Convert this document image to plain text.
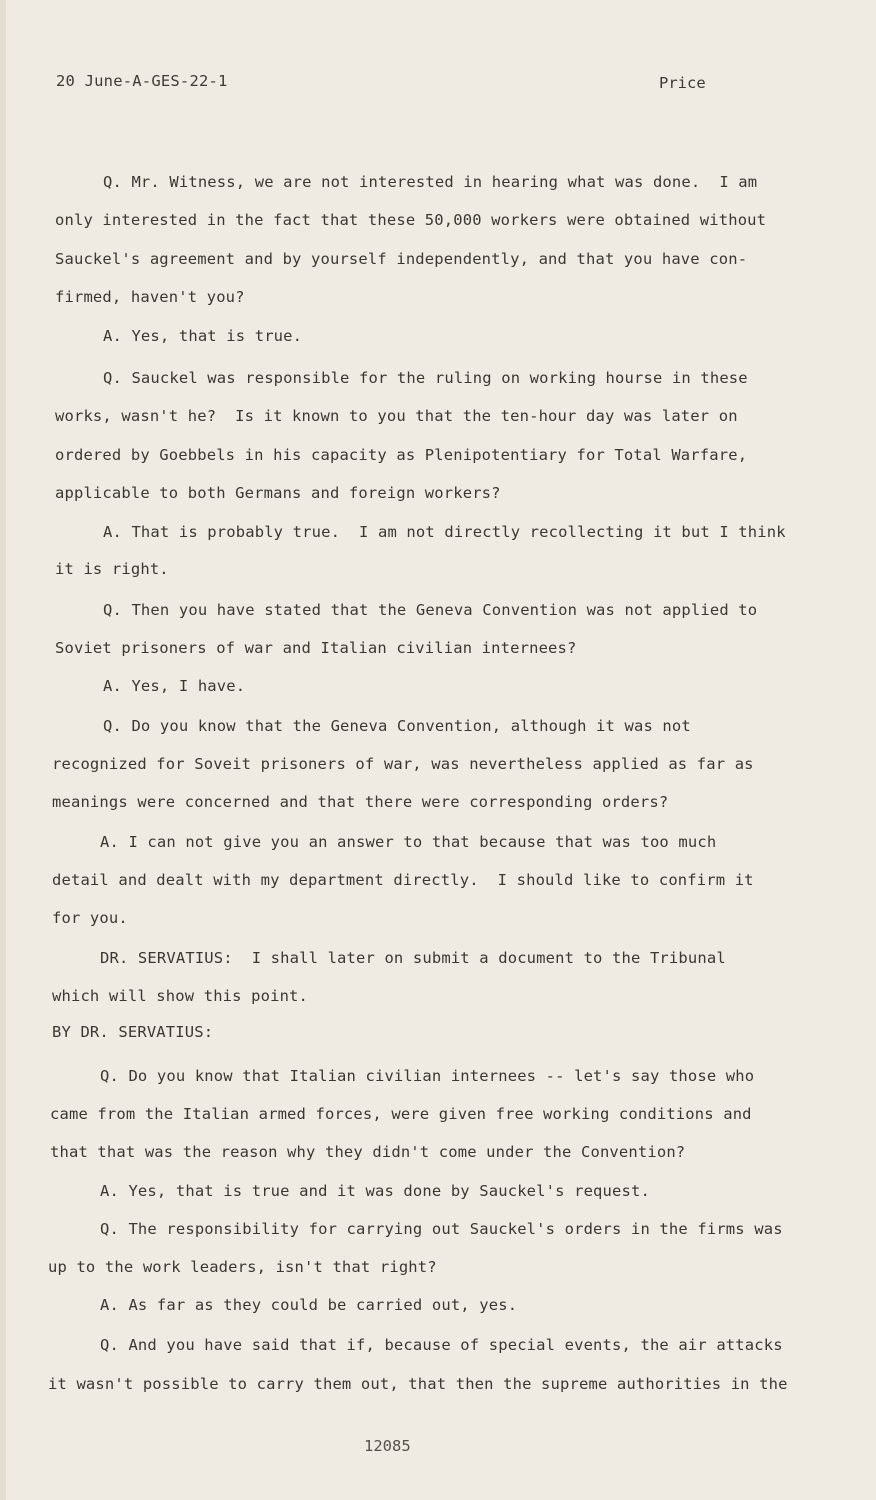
20 June-A-GES-22-1	Price
Q. Mr. Witness, we are not interested in hearing what was done.  I am
only interested in the fact that these 50,000 workers were obtained without
Sauckel's agreement and by yourself independently, and that you have con-
firmed, haven't you?
A. Yes, that is true.
Q. Sauckel was responsible for the ruling on working hourse in these
works, wasn't he?  Is it known to you that the ten-hour day was later on
ordered by Goebbels in his capacity as Plenipotentiary for Total Warfare,
applicable to both Germans and foreign workers?
A. That is probably true.  I am not directly recollecting it but I think
it is right.
Q. Then you have stated that the Geneva Convention was not applied to
Soviet prisoners of war and Italian civilian internees?
A. Yes, I have.
Q. Do you know that the Geneva Convention, although it was not
recognized for Soveit prisoners of war, was nevertheless applied as far as
meanings were concerned and that there were corresponding orders?
A. I can not give you an answer to that because that was too much
detail and dealt with my department directly.  I should like to confirm it
for you.
DR. SERVATIUS:  I shall later on submit a document to the Tribunal
which will show this point.
BY DR. SERVATIUS:
Q. Do you know that Italian civilian internees -- let's say those who
came from the Italian armed forces, were given free working conditions and
that that was the reason why they didn't come under the Convention?
A. Yes, that is true and it was done by Sauckel's request.
Q. The responsibility for carrying out Sauckel's orders in the firms was
up to the work leaders, isn't that right?
A. As far as they could be carried out, yes.
Q. And you have said that if, because of special events, the air attacks
it wasn't possible to carry them out, that then the supreme authorities in the
12085
